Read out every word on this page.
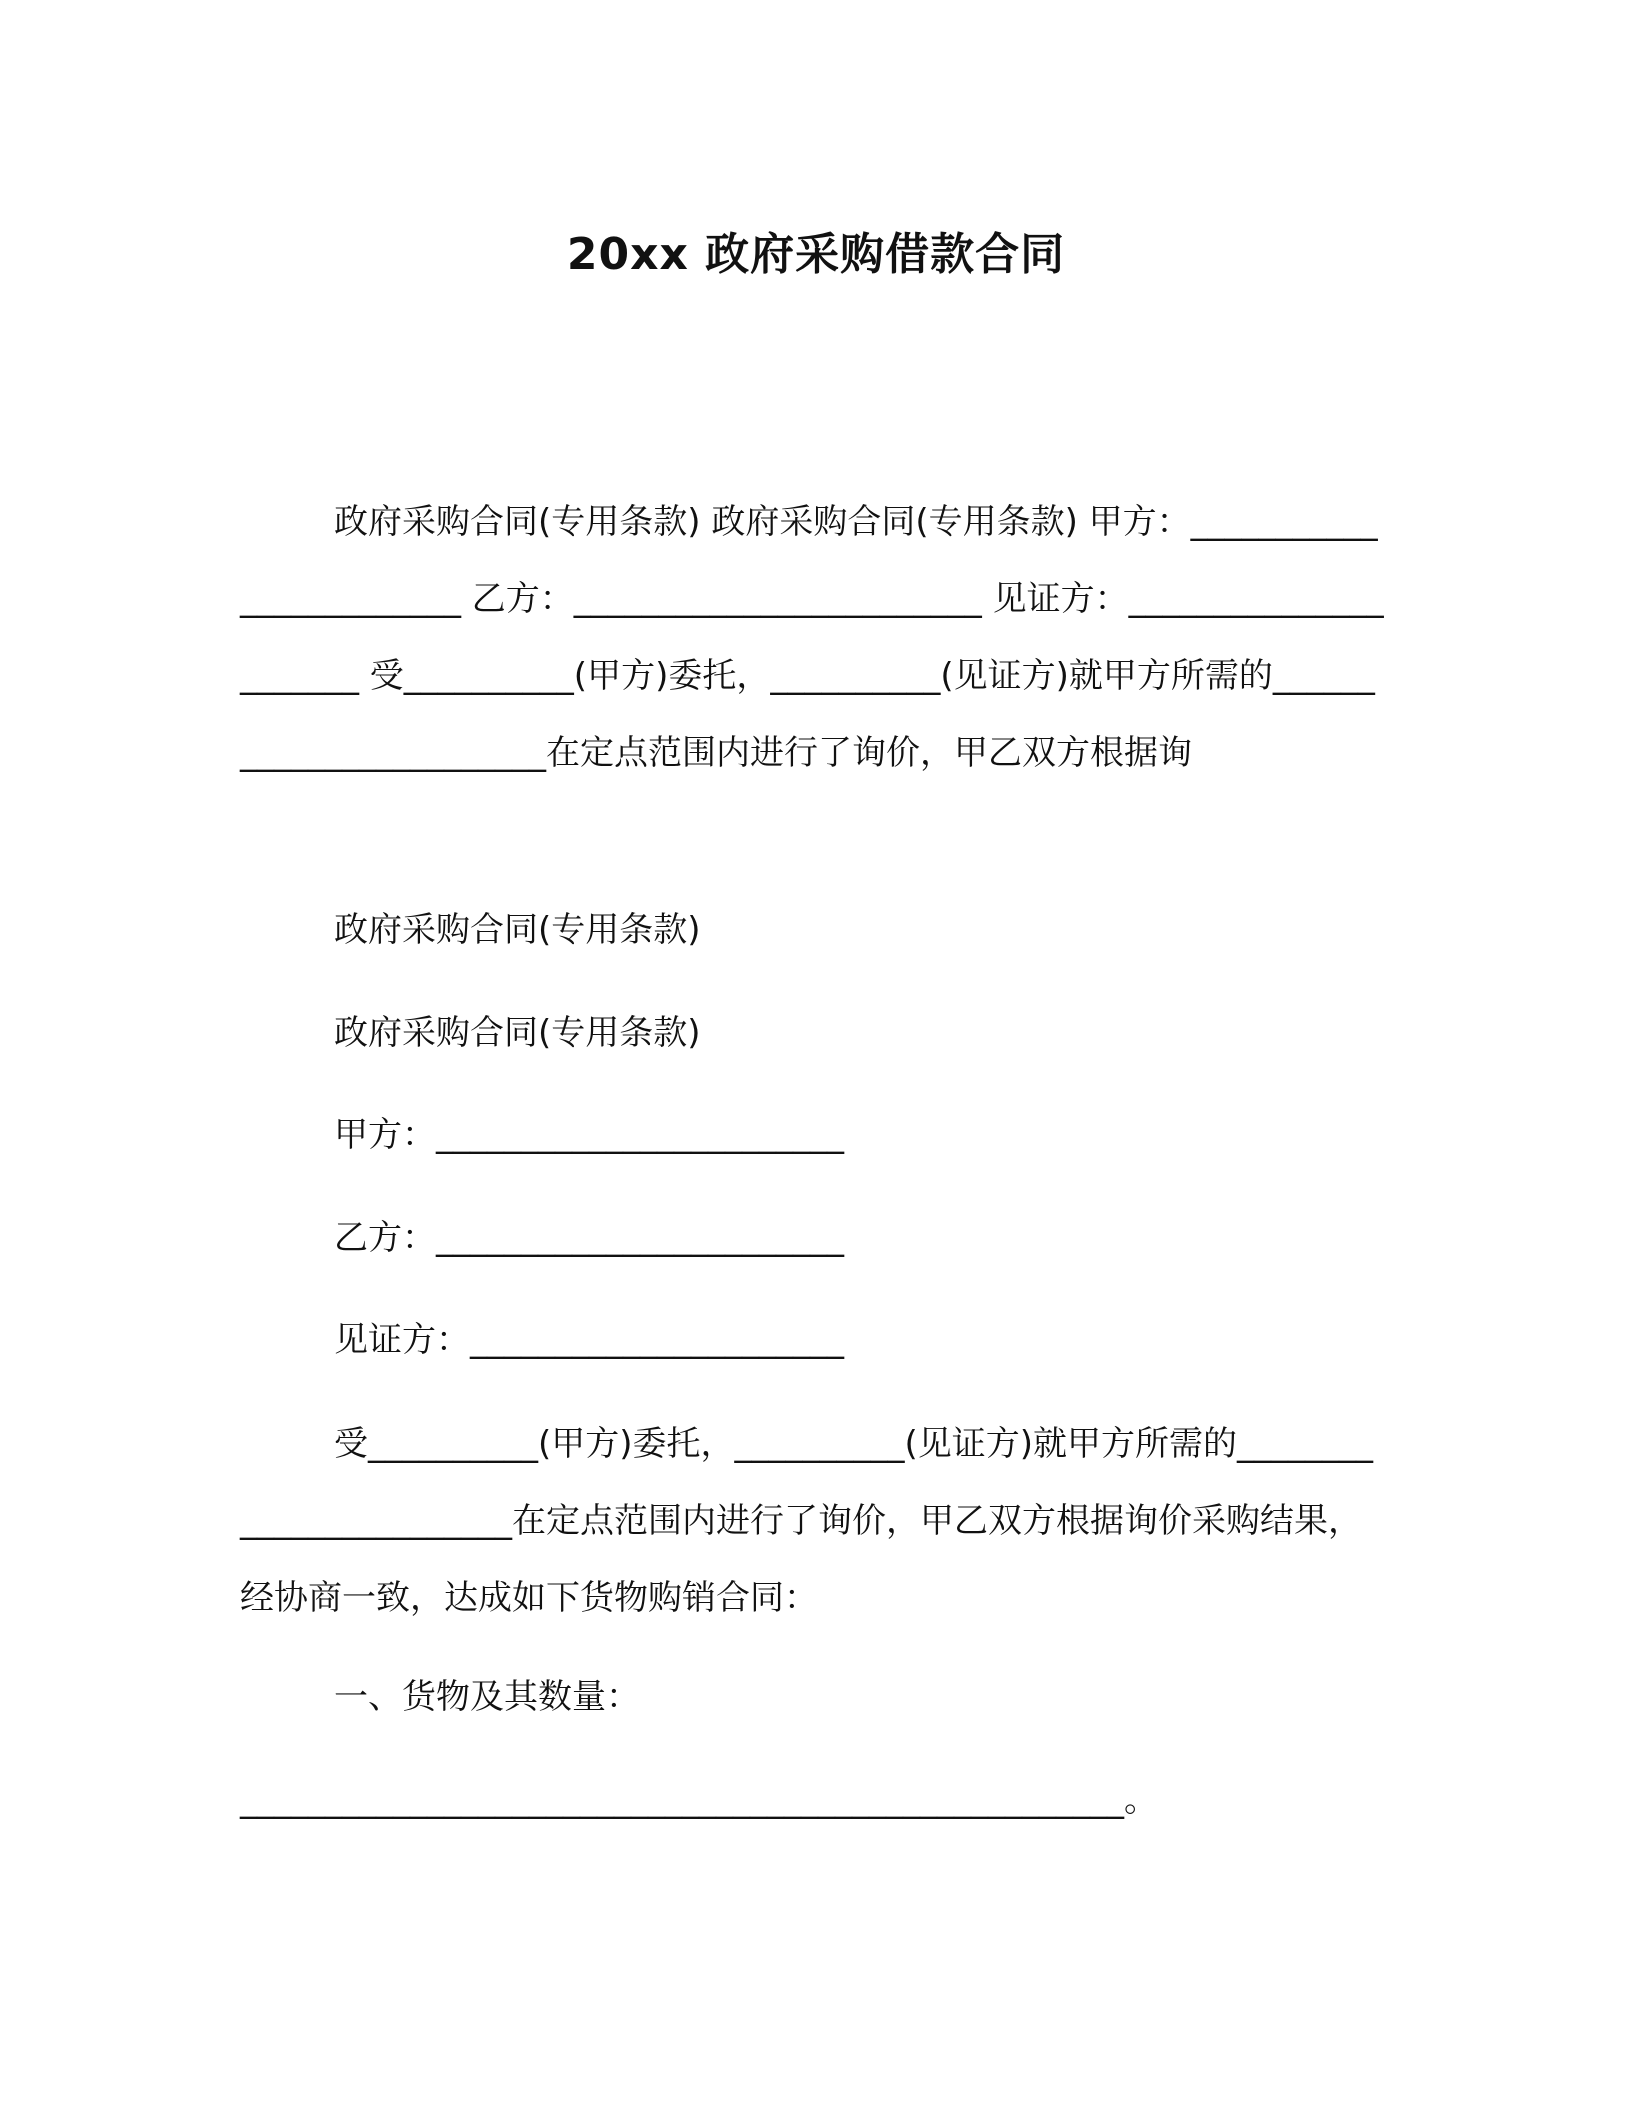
20xx 政府采购借款合同

政府采购合同(专用条款) 政府采购合同(专用条款) 甲方：________________________ 乙方：________________________ 见证方：______________________ 受__________(甲方)委托，__________(见证方)就甲方所需的________________________在定点范围内进行了询价，甲乙双方根据询

政府采购合同(专用条款)

政府采购合同(专用条款)

甲方：________________________

乙方：________________________

见证方：______________________

受__________(甲方)委托，__________(见证方)就甲方所需的________________________在定点范围内进行了询价，甲乙双方根据询价采购结果，经协商一致，达成如下货物购销合同：

一、货物及其数量：

____________________________________________________。
